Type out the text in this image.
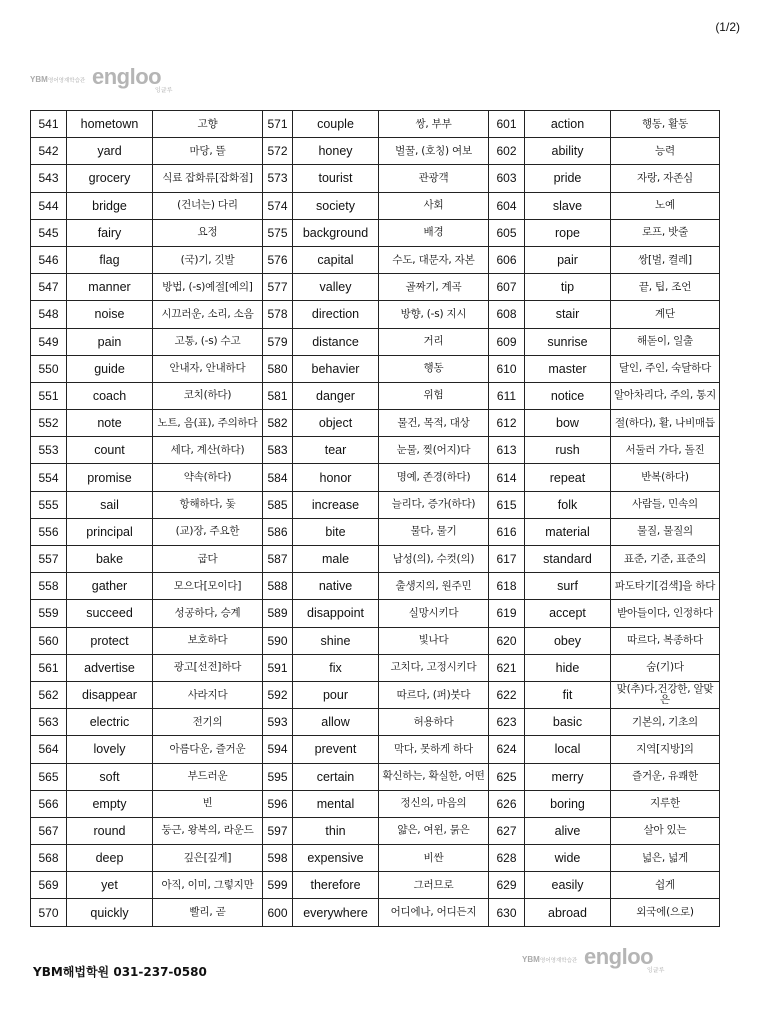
(1/2)
YBM 영어영재학습관 engloo
잉글루
541	hometown	고향	571	couple	쌍, 부부	601	action	행동, 활동
542	yard	마당, 뜰	572	honey	벌꿀, (호칭) 여보	602	ability	능력
543	grocery	식료 잡화류[잡화점]	573	tourist	관광객	603	pride	자랑, 자존심
544	bridge	(건너는) 다리	574	society	사회	604	slave	노예
545	fairy	요정	575	background	배경	605	rope	로프, 밧줄
546	flag	(국)기, 깃발	576	capital	수도, 대문자, 자본	606	pair	쌍[벌, 켤레]
547	manner	방법, (-s)예절[예의]	577	valley	골짜기, 계곡	607	tip	끝, 팁, 조언
548	noise	시끄러운, 소리, 소음	578	direction	방향, (-s) 지시	608	stair	계단
549	pain	고통, (-s) 수고	579	distance	거리	609	sunrise	해돋이, 일출
550	guide	안내자, 안내하다	580	behavier	행동	610	master	달인, 주인, 숙달하다
551	coach	코치(하다)	581	danger	위험	611	notice	알아차리다, 주의, 통지
552	note	노트, 음(표), 주의하다	582	object	물건, 목적, 대상	612	bow	절(하다), 활, 나비매듭
553	count	세다, 계산(하다)	583	tear	눈물, 찢(어지)다	613	rush	서둘러 가다, 돌진
554	promise	약속(하다)	584	honor	명예, 존경(하다)	614	repeat	반복(하다)
555	sail	항해하다, 돛	585	increase	늘리다, 증가(하다)	615	folk	사람들, 민속의
556	principal	(교)장, 주요한	586	bite	물다, 물기	616	material	물질, 물질의
557	bake	굽다	587	male	남성(의), 수컷(의)	617	standard	표준, 기준, 표준의
558	gather	모으다[모이다]	588	native	출생지의, 원주민	618	surf	파도타기[검색]을 하다
559	succeed	성공하다, 승계	589	disappoint	실망시키다	619	accept	받아들이다, 인정하다
560	protect	보호하다	590	shine	빛나다	620	obey	따르다, 복종하다
561	advertise	광고[선전]하다	591	fix	고치다, 고정시키다	621	hide	숨(기)다
562	disappear	사라지다	592	pour	따르다, (퍼)붓다	622	fit	맞(추)다,건강한, 알맞은
563	electric	전기의	593	allow	허용하다	623	basic	기본의, 기초의
564	lovely	아름다운, 즐거운	594	prevent	막다, 못하게 하다	624	local	지역[지방]의
565	soft	부드러운	595	certain	확신하는, 확실한, 어떤	625	merry	즐거운, 유쾌한
566	empty	빈	596	mental	정신의, 마음의	626	boring	지루한
567	round	둥근, 왕복의, 라운드	597	thin	얇은, 여윈, 묽은	627	alive	살아 있는
568	deep	깊은[깊게]	598	expensive	비싼	628	wide	넓은, 넓게
569	yet	아직, 이미, 그렇지만	599	therefore	그러므로	629	easily	쉽게
570	quickly	빨리, 곧	600	everywhere	어디에나, 어디든지	630	abroad	외국에(으로)
YBM 영어영재학습관 engloo
잉글루
YBM해법학원 031-237-0580
